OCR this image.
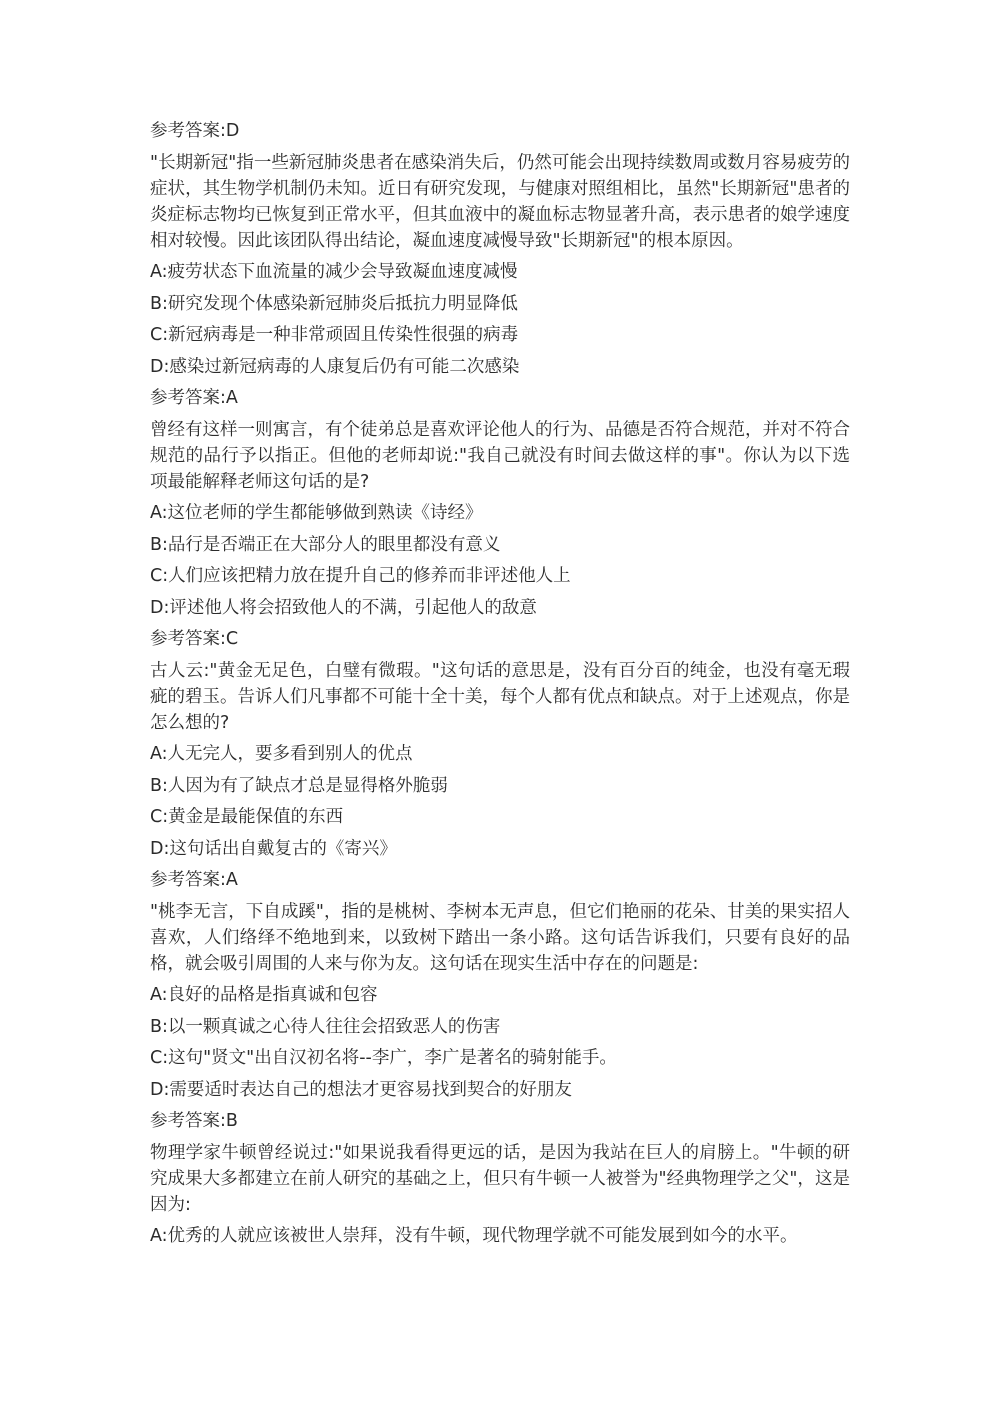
参考答案:D
"长期新冠"指一些新冠肺炎患者在感染消失后，仍然可能会出现持续数周或数月容易疲劳的症状，其生物学机制仍未知。近日有研究发现，与健康对照组相比，虽然"长期新冠"患者的炎症标志物均已恢复到正常水平，但其血液中的凝血标志物显著升高，表示患者的娘学速度相对较慢。因此该团队得出结论，凝血速度减慢导致"长期新冠"的根本原因。
A:疲劳状态下血流量的减少会导致凝血速度减慢
B:研究发现个体感染新冠肺炎后抵抗力明显降低
C:新冠病毒是一种非常顽固且传染性很强的病毒
D:感染过新冠病毒的人康复后仍有可能二次感染
参考答案:A
曾经有这样一则寓言，有个徒弟总是喜欢评论他人的行为、品德是否符合规范，并对不符合规范的品行予以指正。但他的老师却说:"我自己就没有时间去做这样的事"。你认为以下选项最能解释老师这句话的是?
A:这位老师的学生都能够做到熟读《诗经》
B:品行是否端正在大部分人的眼里都没有意义
C:人们应该把精力放在提升自己的修养而非评述他人上
D:评述他人将会招致他人的不满，引起他人的敌意
参考答案:C
古人云:"黄金无足色，白璧有微瑕。"这句话的意思是，没有百分百的纯金，也没有毫无瑕疵的碧玉。告诉人们凡事都不可能十全十美，每个人都有优点和缺点。对于上述观点，你是怎么想的?
A:人无完人，要多看到别人的优点
B:人因为有了缺点才总是显得格外脆弱
C:黄金是最能保值的东西
D:这句话出自戴复古的《寄兴》
参考答案:A
"桃李无言，下自成蹊"，指的是桃树、李树本无声息，但它们艳丽的花朵、甘美的果实招人喜欢，人们络绎不绝地到来，以致树下踏出一条小路。这句话告诉我们，只要有良好的品格，就会吸引周围的人来与你为友。这句话在现实生活中存在的问题是:
A:良好的品格是指真诚和包容
B:以一颗真诚之心待人往往会招致恶人的伤害
C:这句"贤文"出自汉初名将--李广，李广是著名的骑射能手。
D:需要适时表达自己的想法才更容易找到契合的好朋友
参考答案:B
物理学家牛顿曾经说过:"如果说我看得更远的话，是因为我站在巨人的肩膀上。"牛顿的研究成果大多都建立在前人研究的基础之上，但只有牛顿一人被誉为"经典物理学之父"，这是因为:
A:优秀的人就应该被世人崇拜，没有牛顿，现代物理学就不可能发展到如今的水平。
